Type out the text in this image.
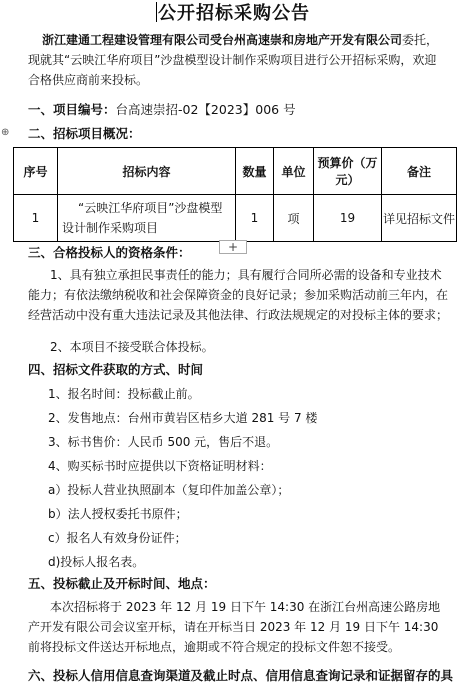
公开招标采购公告
浙江建通工程建设管理有限公司受台州高速崇和房地产开发有限公司委托，现就其“云映江华府项目”沙盘模型设计制作采购项目进行公开招标采购，欢迎合格供应商前来投标。
一、项目编号：台高速崇招-02【2023】006 号
⊕ 二、招标项目概况：
序号	招标内容	数量	单位	预算价（万元）	备注
1	“云映江华府项目”沙盘模型设计制作采购项目	1	项	19	详见招标文件
+
三、合格投标人的资格条件：
1、具有独立承担民事责任的能力；具有履行合同所必需的设备和专业技术能力；有依法缴纳税收和社会保障资金的良好记录；参加采购活动前三年内，在经营活动中没有重大违法记录及其他法律、行政法规规定的对投标主体的要求；
2、本项目不接受联合体投标。
四、招标文件获取的方式、时间
1、报名时间：投标截止前。
2、发售地点：台州市黄岩区桔乡大道 281 号 7 楼
3、标书售价：人民币 500 元，售后不退。
4、购买标书时应提供以下资格证明材料：
a）投标人营业执照副本（复印件加盖公章）；
b）法人授权委托书原件；
c）报名人有效身份证件；
d)投标人报名表。
五、投标截止及开标时间、地点：
本次招标将于 2023 年 12 月 19 日下午 14:30 在浙江台州高速公路房地产开发有限公司会议室开标，请在开标当日 2023 年 12 月 19 日下午 14:30 前将投标文件送达开标地点，逾期或不符合规定的投标文件恕不接受。
六、投标人信用信息查询渠道及截止时点、信用信息查询记录和证据留存的具
